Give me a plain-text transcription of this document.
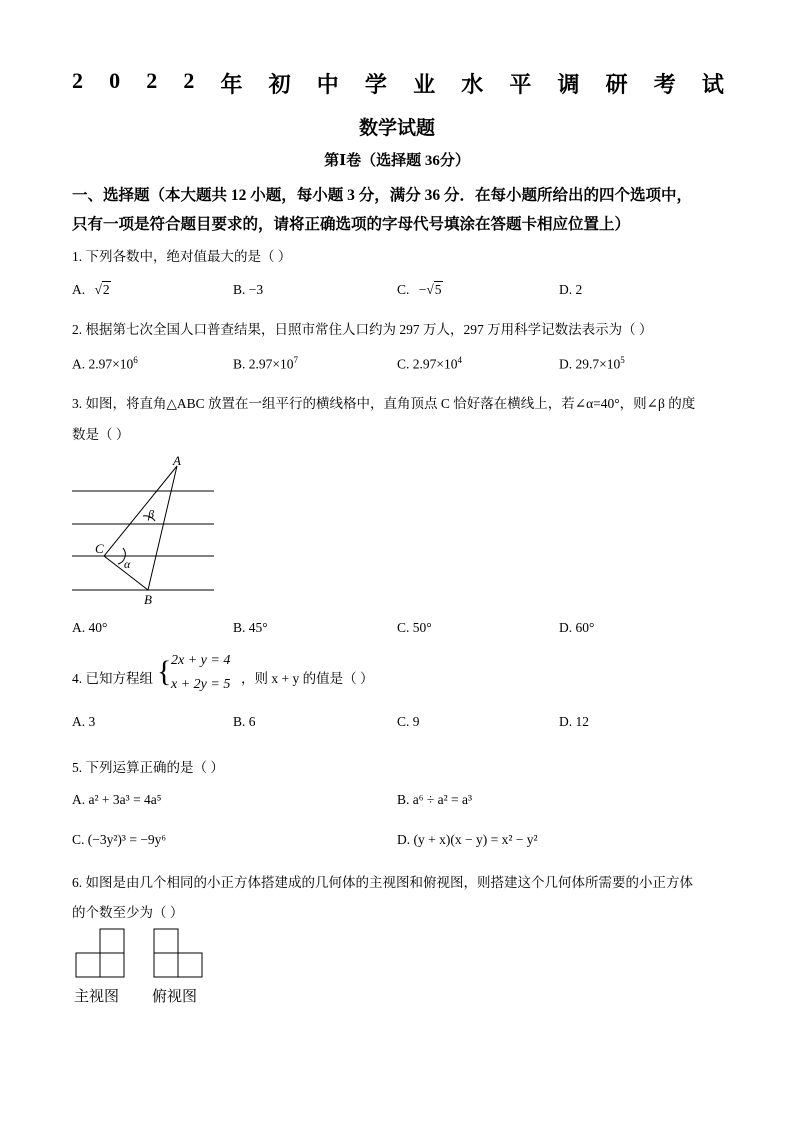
2 0 2 2 年 初 中 学 业 水 平 调 研 考 试
数学试题
第Ⅰ卷（选择题 36分）
一、选择题（本大题共 12 小题，每小题 3 分，满分 36 分．在每小题所给出的四个选项中，
只有一项是符合题目要求的，请将正确选项的字母代号填涂在答题卡相应位置上）
1. 下列各数中，绝对值最大的是（ ）
A. √2	B. −3	C. −√5	D. 2
2. 根据第七次全国人口普查结果，日照市常住人口约为 297 万人，297 万用科学记数法表示为（ ）
A. $2.97\times 10^6$	B. $2.97\times 10^7$	C. $2.97\times 10^4$	D. $29.7\times 10^5$
3. 如图，将直角△ABC 放置在一组平行的横线格中，直角顶点 C 恰好落在横线上，若∠α=40°，则∠β 的度
数是（ ）
A
C
B
α
β
A. 40°	B. 45°	C. 50°	D. 60°
4. 已知方程组 { 2x + y = 4
x + 2y = 5 ，则 x + y 的值是（ ）
A. 3	B. 6	C. 9	D. 12
5. 下列运算正确的是（ ）
A. a² + 3a³ = 4a⁵	B. a⁶ ÷ a² = a³
C. (−3y²)³ = −9y⁶	D. (y + x)(x − y) = x² − y²
6. 如图是由几个相同的小正方体搭建成的几何体的主视图和俯视图，则搭建这个几何体所需要的小正方体
的个数至少为（ ）
主视图 俯视图
